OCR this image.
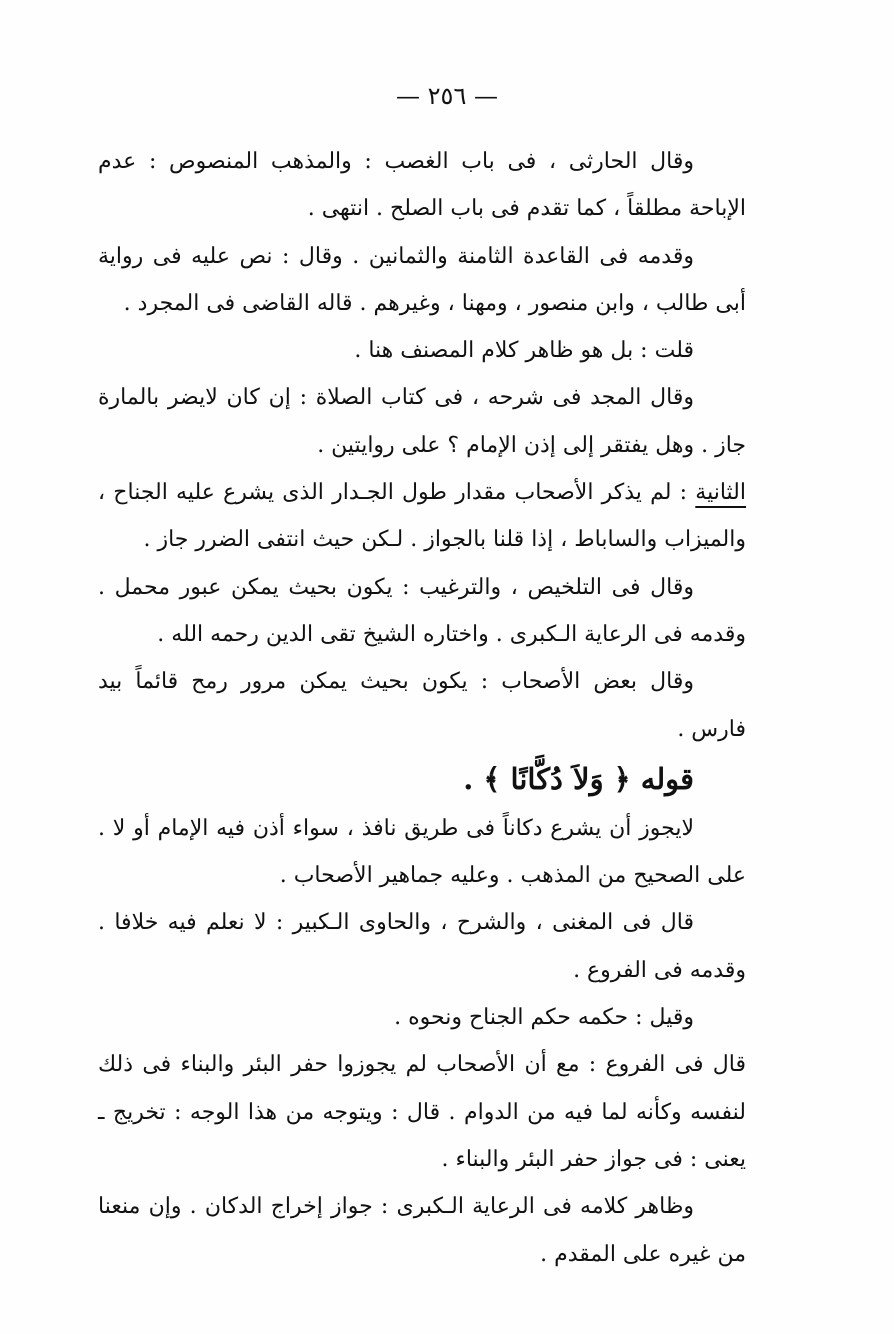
— ٢٥٦ —

وقال الحارثى ، فى باب الغصب : والمذهب المنصوص : عدم الإباحة مطلقاً ، كما تقدم فى باب الصلح . انتهى .

وقدمه فى القاعدة الثامنة والثمانين . وقال : نص عليه فى رواية أبى طالب ، وابن منصور ، ومهنا ، وغيرهم . قاله القاضى فى المجرد .

قلت : بل هو ظاهر كلام المصنف هنا .

وقال المجد فى شرحه ، فى كتاب الصلاة : إن كان لايضر بالمارة جاز . وهل يفتقر إلى إذن الإمام ؟ على روايتين .

الثانية : لم يذكر الأصحاب مقدار طول الجـدار الذى يشرع عليه الجناح ، والميزاب والساباط ، إذا قلنا بالجواز . لـكن حيث انتفى الضرر جاز .

وقال فى التلخيص ، والترغيب : يكون بحيث يمكن عبور محمل . وقدمه فى الرعاية الـكبرى . واختاره الشيخ تقى الدين رحمه الله .

وقال بعض الأصحاب : يكون بحيث يمكن مرور رمح قائماً بيد فارس .

قوله ﴿ وَلاَ دُكَّانًا ﴾ .

لايجوز أن يشرع دكاناً فى طريق نافذ ، سواء أذن فيه الإمام أو لا . على الصحيح من المذهب . وعليه جماهير الأصحاب .

قال فى المغنى ، والشرح ، والحاوى الـكبير : لا نعلم فيه خلافا . وقدمه فى الفروع .

وقيل : حكمه حكم الجناح ونحوه .

قال فى الفروع : مع أن الأصحاب لم يجوزوا حفر البئر والبناء فى ذلك لنفسه وكأنه لما فيه من الدوام . قال : ويتوجه من هذا الوجه : تخريج ـ يعنى : فى جواز حفر البئر والبناء .

وظاهر كلامه فى الرعاية الـكبرى : جواز إخراج الدكان . وإن منعنا من غيره على المقدم .
